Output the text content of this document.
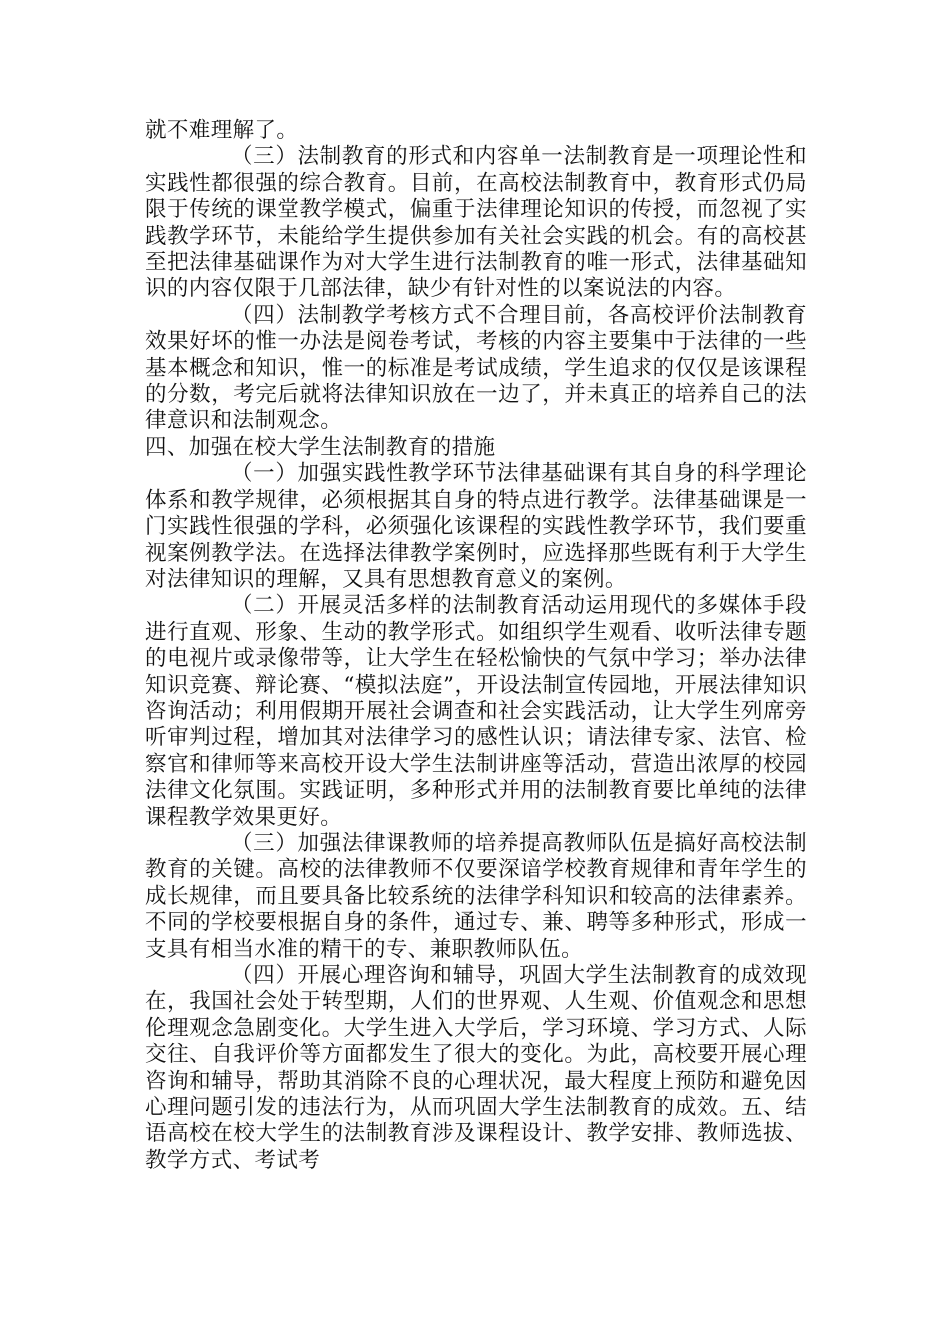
就不难理解了。

（三）法制教育的形式和内容单一法制教育是一项理论性和实践性都很强的综合教育。目前，在高校法制教育中，教育形式仍局限于传统的课堂教学模式，偏重于法律理论知识的传授，而忽视了实践教学环节，未能给学生提供参加有关社会实践的机会。有的高校甚至把法律基础课作为对大学生进行法制教育的唯一形式，法律基础知识的内容仅限于几部法律，缺少有针对性的以案说法的内容。

（四）法制教学考核方式不合理目前，各高校评价法制教育效果好坏的惟一办法是阅卷考试，考核的内容主要集中于法律的一些基本概念和知识，惟一的标准是考试成绩，学生追求的仅仅是该课程的分数，考完后就将法律知识放在一边了，并未真正的培养自己的法律意识和法制观念。

四、加强在校大学生法制教育的措施

（一）加强实践性教学环节法律基础课有其自身的科学理论体系和教学规律，必须根据其自身的特点进行教学。法律基础课是一门实践性很强的学科，必须强化该课程的实践性教学环节，我们要重视案例教学法。在选择法律教学案例时，应选择那些既有利于大学生对法律知识的理解，又具有思想教育意义的案例。

（二）开展灵活多样的法制教育活动运用现代的多媒体手段进行直观、形象、生动的教学形式。如组织学生观看、收听法律专题的电视片或录像带等，让大学生在轻松愉快的气氛中学习；举办法律知识竞赛、辩论赛、“模拟法庭”，开设法制宣传园地，开展法律知识咨询活动；利用假期开展社会调查和社会实践活动，让大学生列席旁听审判过程，增加其对法律学习的感性认识；请法律专家、法官、检察官和律师等来高校开设大学生法制讲座等活动，营造出浓厚的校园法律文化氛围。实践证明，多种形式并用的法制教育要比单纯的法律课程教学效果更好。

（三）加强法律课教师的培养提高教师队伍是搞好高校法制教育的关键。高校的法律教师不仅要深谙学校教育规律和青年学生的成长规律，而且要具备比较系统的法律学科知识和较高的法律素养。不同的学校要根据自身的条件，通过专、兼、聘等多种形式，形成一支具有相当水准的精干的专、兼职教师队伍。

（四）开展心理咨询和辅导，巩固大学生法制教育的成效现在，我国社会处于转型期，人们的世界观、人生观、价值观念和思想伦理观念急剧变化。大学生进入大学后，学习环境、学习方式、人际交往、自我评价等方面都发生了很大的变化。为此，高校要开展心理咨询和辅导，帮助其消除不良的心理状况，最大程度上预防和避免因心理问题引发的违法行为，从而巩固大学生法制教育的成效。五、结语高校在校大学生的法制教育涉及课程设计、教学安排、教师选拔、教学方式、考试考
